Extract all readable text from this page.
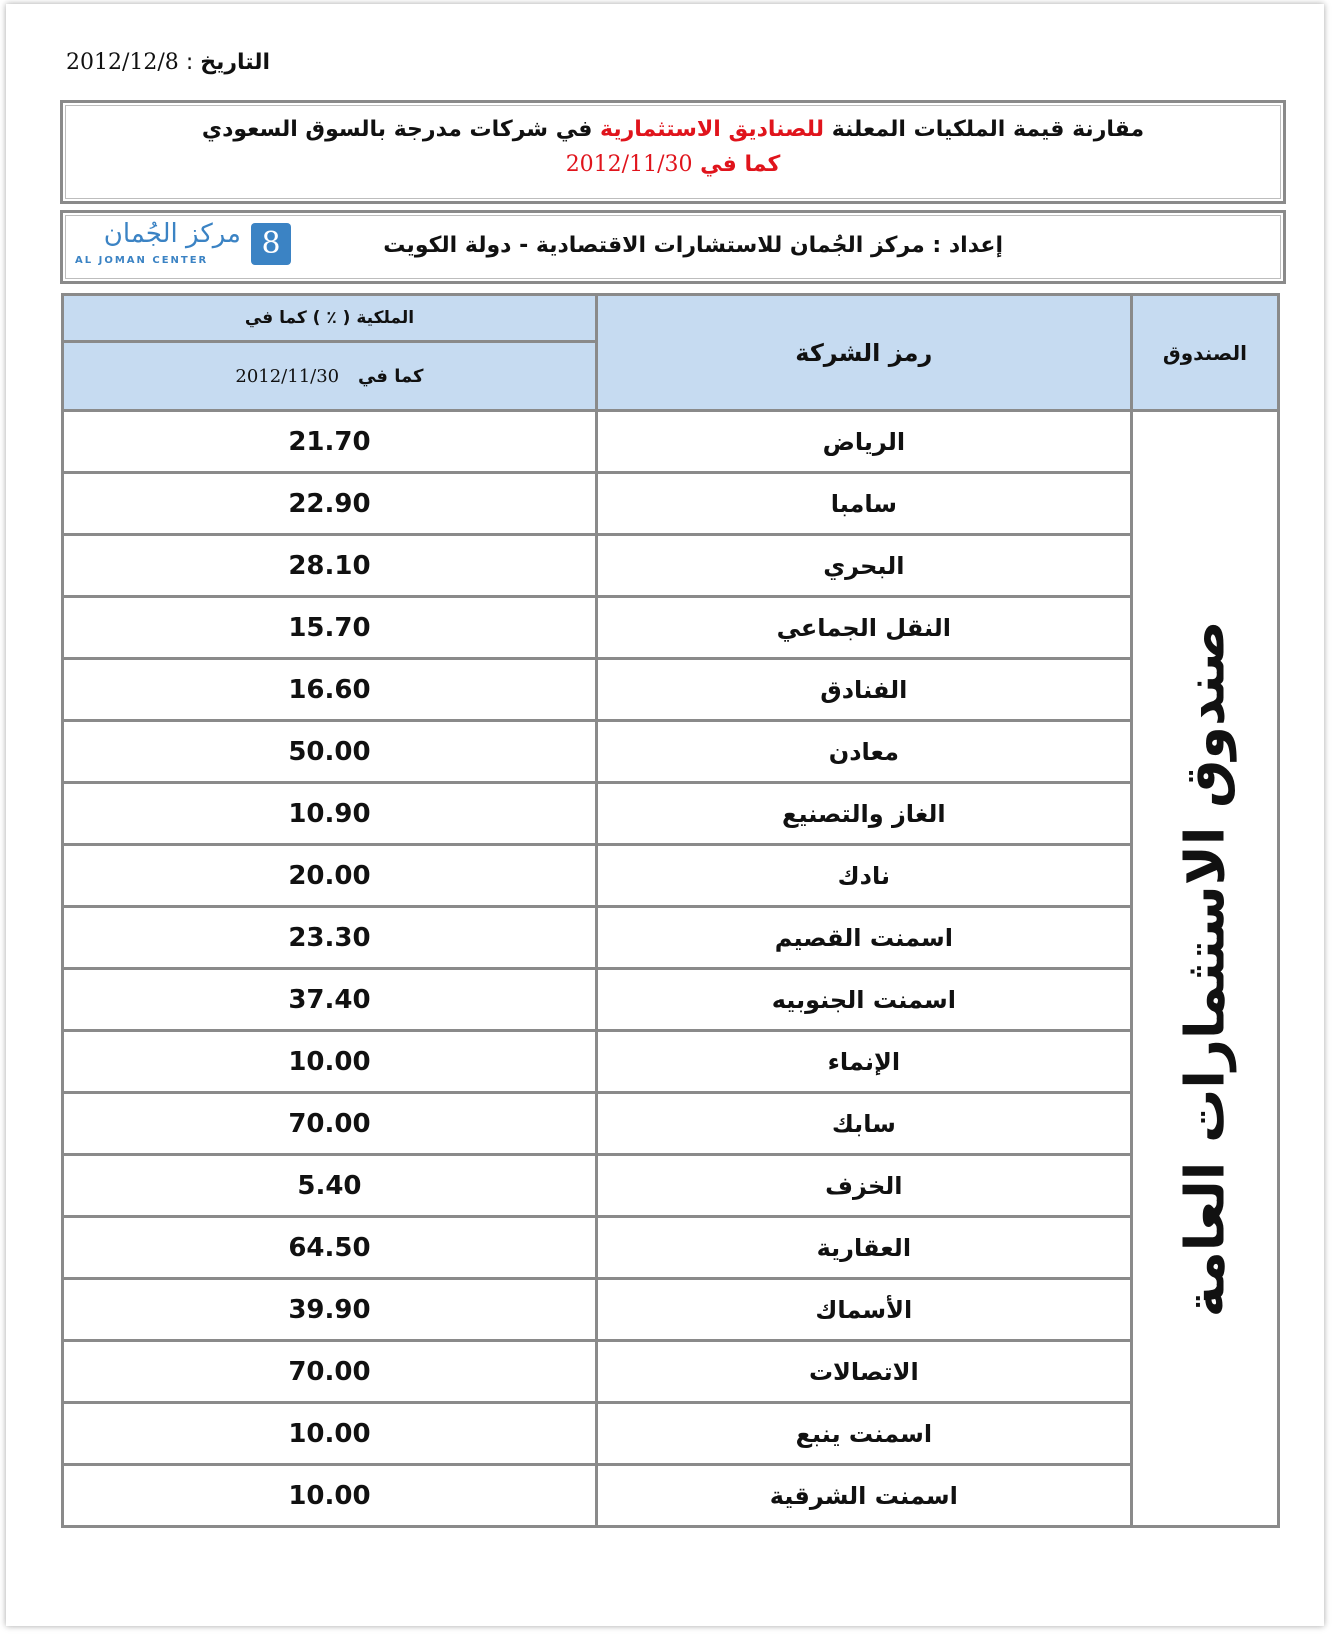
التاريخ : 2012/12/8
مقارنة قيمة الملكيات المعلنة للصناديق الاستثمارية في شركات مدرجة بالسوق السعودي
كما في 2012/11/30
إعداد : مركز الجُمان للاستشارات الاقتصادية - دولة الكويت
8
مركز الجُمان
AL JOMAN CENTER
الملكية ( ٪ ) كما في	رمز الشركة	الصندوق
كما في   2012/11/30		
21.70	الرياض	صندوق الاستثمارات العامة

22.90	سامبا	
28.10	البحري	
15.70	النقل الجماعي	
16.60	الفنادق	
50.00	معادن	
10.90	الغاز والتصنيع	
20.00	نادك	
23.30	اسمنت القصيم	
37.40	اسمنت الجنوبيه	
10.00	الإنماء	
70.00	سابك	
5.40	الخزف	
64.50	العقارية	
39.90	الأسماك	
70.00	الاتصالات	
10.00	اسمنت ينبع	
10.00	اسمنت الشرقية	
